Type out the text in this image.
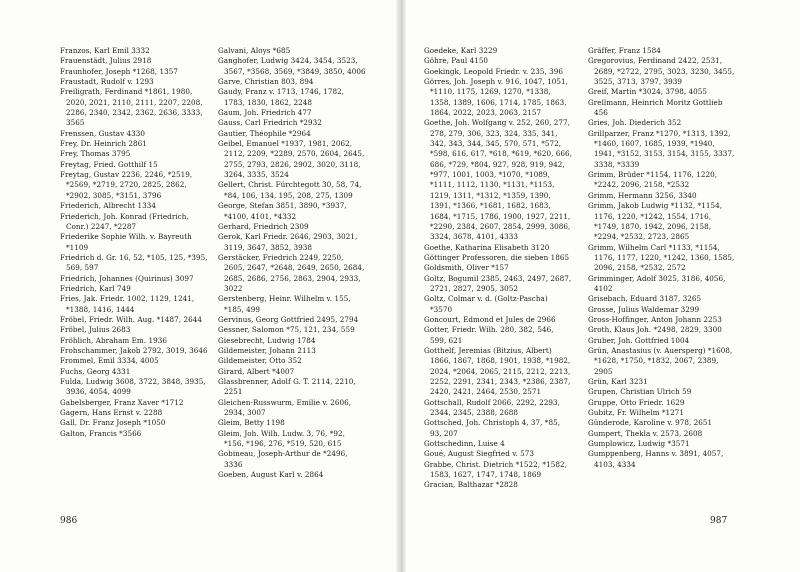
Franzos, Karl Emil 3332
Frauenstädt, Julius 2918
Fraunhofer, Joseph *1268, 1357
Fraustadt, Rudolf v. 1293
Freiligrath, Ferdinand *1861, 1980, 2020, 2021, 2110, 2111, 2207, 2208, 2286, 2340, 2342, 2362, 2636, 3333, 3565
Frenssen, Gustav 4330
Frey, Dr. Heinrich 2861
Frey, Thomas 3795
Freytag, Fried. Gotthilf 15
Freytag, Gustav 2236, 2246, *2519, *2569, *2719, 2720, 2825, 2862, *2902, 3085, *3151, 3796
Friederich, Albrecht 1334
Friederich, Joh. Konrad (Friedrich, Conr.) 2247, *2287
Friederike Sophie Wilh. v. Bayreuth *1109
Friedrich d. Gr. 16, 52, *105, 125, *395, 569, 597
Friedrich, Johannes (Quirinus) 3097
Friedrich, Karl 749
Fries, Jak. Friedr. 1002, 1129, 1241, *1388, 1416, 1444
Fröbel, Friedr. Wilh. Aug. *1487, 2644
Fröbel, Julius 2683
Fröhlich, Abraham Em. 1936
Frohschammer, Jakob 2792, 3019, 3646
Frommel, Emil 3334, 4005
Fuchs, Georg 4331
Fulda, Ludwig 3608, 3722, 3848, 3935, 3936, 4054, 4099
Gabelsberger, Franz Xaver *1712
Gagern, Hans Ernst v. 2288
Gall, Dr. Franz Joseph *1050
Galton, Francis *3566
Galvani, Aloys *685
Ganghofer, Ludwig 3424, 3454, 3523, 3567, *3568, 3569, *3849, 3850, 4006
Garve, Christian 803, 894
Gaudy, Franz v. 1713, 1746, 1782, 1783, 1830, 1862, 2248
Gaum, Joh. Friedrich 477
Gauss, Carl Friedrich *2932
Gautier, Théophile *2964
Geibel, Emanuel *1937, 1981, 2062, 2112, 2209, *2289, 2570, 2604, 2645, 2755, 2793, 2826, 2902, 3020, 3118, 3264, 3335, 3524
Gellert, Christ. Fürchtegott 30, 58, 74, *84, 106, 134, 195, 208, 275, 1309
George, Stefan 3851, 3890, *3937, *4100, 4101, *4332
Gerhard, Friedrich 2309
Gerok, Karl Friedr. 2646, 2903, 3021, 3119, 3647, 3852, 3938
Gerstäcker, Friedrich 2249, 2250, 2605, 2647, *2648, 2649, 2650, 2684, 2685, 2686, 2756, 2863, 2904, 2933, 3022
Gerstenberg, Heinr. Wilhelm v. 155, *185, 499
Gervinus, Georg Gottfried 2495, 2794
Gessner, Salomon *75, 121, 234, 559
Giesebrecht, Ludwig 1784
Gildemeister, Johann 2113
Gildemeister, Otto 352
Girard, Albert *4007
Glassbrenner, Adolf G. T. 2114, 2210, 2251
Gleichen-Russwurm, Emilie v. 2606, 2934, 3007
Gleim, Betty 1198
Gleim, Joh. Wilh. Ludw. 3, 76, *92, *156, *196, 276, *519, 520, 615
Gobineau, Joseph-Arthur de *2496, 3336
Goeben, August Karl v. 2864
986
Goedeke, Karl 3229
Göhre, Paul 4150
Goekingk, Leopold Friedr. v. 235, 396
Görres, Joh. Joseph v. 916, 1047, 1051, *1110, 1175, 1269, 1270, *1338, 1358, 1389, 1606, 1714, 1785, 1863, 1864, 2022, 2023, 2063, 2157
Goethe, Joh. Wolfgang v. 252, 260, 277, 278, 279, 306, 323, 324, 335, 341, 342, 343, 344, 345, 570, 571, *572, *598, 616, 617, *618, *619, *620, 666, 686, *729, *804, 927, 928, 919, 942, *977, 1001, 1003, *1070, *1089, *1111, 1112, 1130, *1131, *1153, 1219, 1311, *1312, *1359, 1390, 1391, *1366, *1681, 1682, 1683, 1684, *1715, 1786, 1900, 1927, 2211, *2290, 2384, 2607, 2854, 2999, 3086, 3324, 3678, 4101, 4333
Goethe, Katharina Elisabeth 3120
Göttinger Professoren, die sieben 1865
Goldsmith, Oliver *157
Goltz, Bogumil 2385, 2463, 2497, 2687, 2721, 2827, 2905, 3052
Goltz, Colmar v. d. (Goltz-Pascha) *3570
Goncourt, Edmond et Jules de 2966
Gotter, Friedr. Wilh. 280, 382, 546, 599, 621
Gotthelf, Jeremias (Bitzius, Albert) 1866, 1867, 1868, 1901, 1938, *1982, 2024, *2064, 2065, 2115, 2212, 2213, 2252, 2291, 2341, 2343, *2386, 2387, 2420, 2421, 2464, 2530, 2571
Gottschall, Rudolf 2066, 2292, 2293, 2344, 2345, 2388, 2688
Gottsched, Joh. Christoph 4, 37, *85, 93, 207
Gottschedinn, Luise 4
Goué, August Siegfried v. 573
Grabbe, Christ. Dietrich *1522, *1582, 1583, 1627, 1747, 1748, 1869
Gracian, Balthazar *2828
Gräffer, Franz 1584
Gregorovius, Ferdinand 2422, 2531, 2689, *2722, 2795, 3023, 3230, 3455, 3525, 3713, 3797, 3939
Greif, Martin *3024, 3798, 4055
Grellmann, Heinrich Moritz Gottlieb 456
Gries, Joh. Diederich 352
Grillparzer, Franz *1270, *1313, 1392, *1460, 1607, 1685, 1939, *1940, 1941, *3152, 3153, 3154, 3155, 3337, 3338, *3339
Grimm, Brüder *1154, 1176, 1220, *2242, 2096, 2158, *2532
Grimm, Hermann 3256, 3340
Grimm, Jakob Ludwig *1132, *1154, 1176, 1220, *1242, 1554, 1716, *1749, 1870, 1942, 2096, 2158, *2294, *2532, 2723, 2865
Grimm, Wilhelm Carl *1133, *1154, 1176, 1177, 1220, *1242, 1360, 1585, 2096, 2158, *2532, 2572
Grimminger, Adolf 3025, 3186, 4056, 4102
Grisebach, Eduard 3187, 3265
Grosse, Julius Waldemar 3299
Gross-Hoffinger, Anton Johann 2253
Groth, Klaus Joh. *2498, 2829, 3300
Gruber, Joh. Gottfried 1004
Grün, Anastasius (v. Auersperg) *1608, *1628, *1750, *1832, 2067, 2389, 2905
Grün, Karl 3231
Grupen, Christian Ulrich 59
Gruppe, Otto Friedr. 1629
Gubitz, Fr. Wilhelm *1271
Günderode, Karoline v. 978, 2651
Gumpert, Thekla v. 2573, 2608
Gumplowicz, Ludwig *3571
Gumppenberg, Hanns v. 3891, 4057, 4103, 4334
987
